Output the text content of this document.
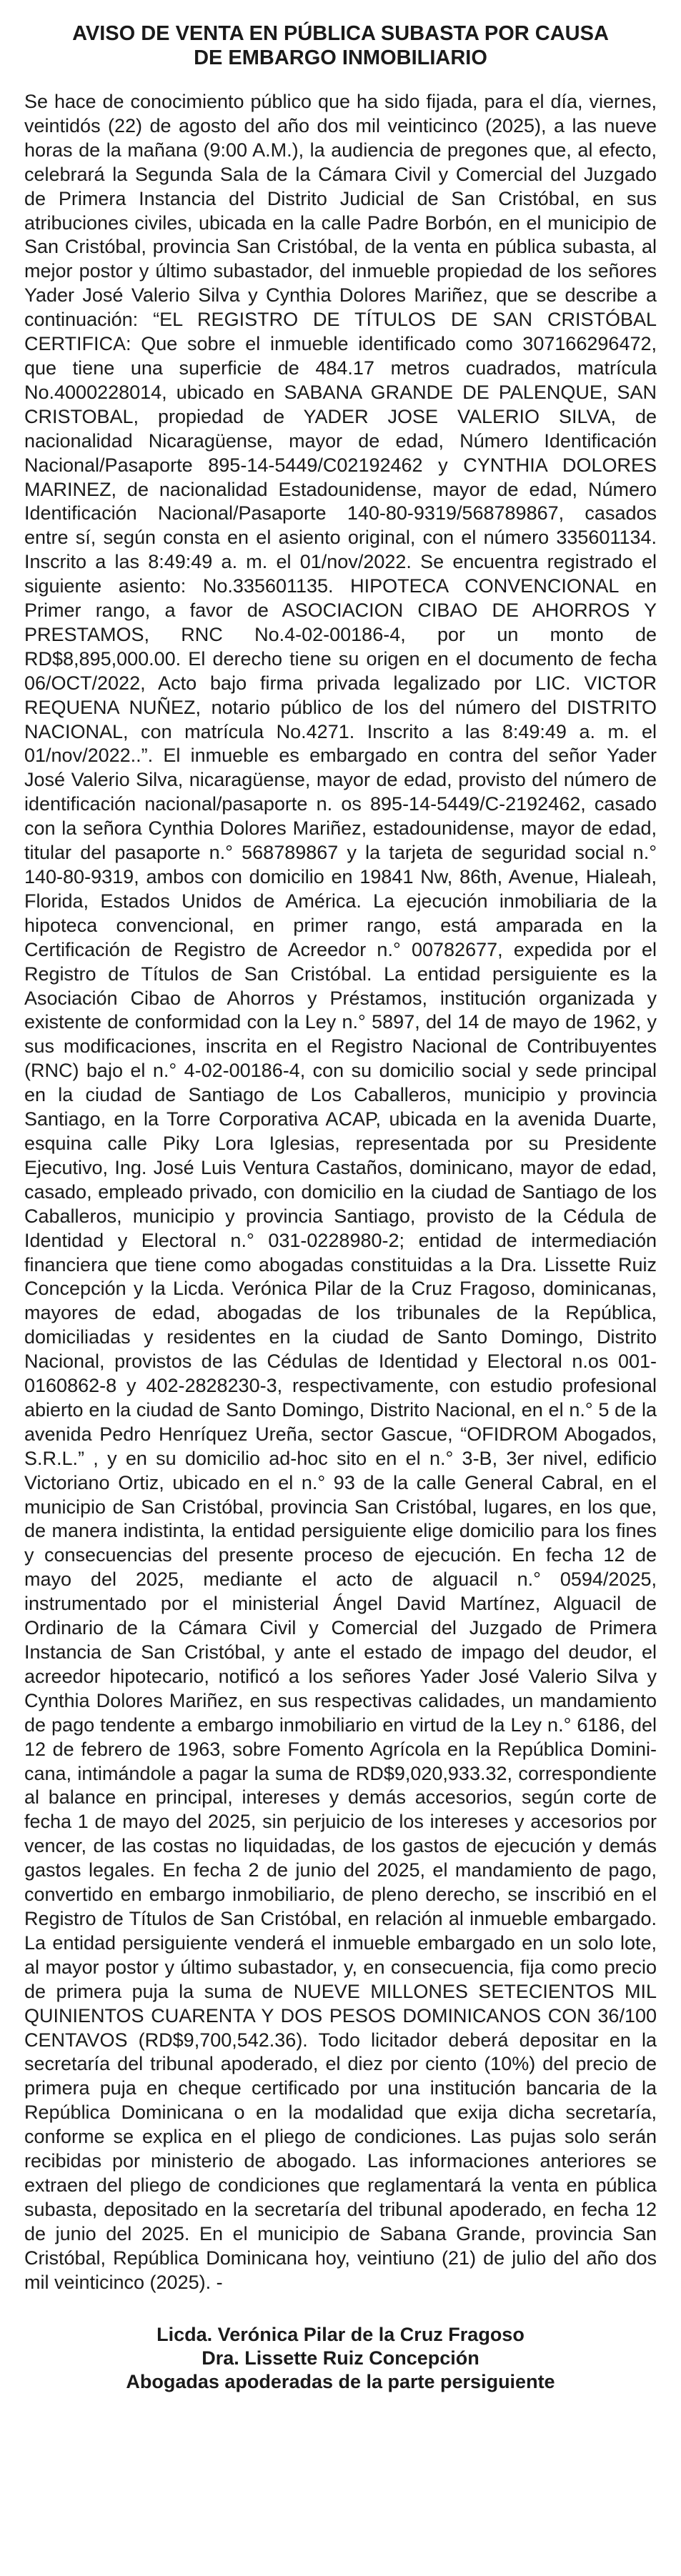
AVISO DE VENTA EN PÚBLICA SUBASTA POR CAUSA
DE EMBARGO INMOBILIARIO

Se hace de conocimiento público que ha sido fijada, para el día, viernes, veintidós (22) de agosto del año dos mil veinticinco (2025), a las nueve horas de la mañana (9:00 A.M.), la audiencia de pregones que, al efecto, celebrará la Segunda Sala de la Cámara Civil y Comercial del Juzgado de Primera Instancia del Distrito Judicial de San Cristóbal, en sus atribuciones civiles, ubicada en la calle Padre Borbón, en el municipio de San Cristóbal, provincia San Cristóbal, de la venta en pública subasta, al mejor postor y último subastador, del inmueble propiedad de los señores Yader José Valerio Silva y Cynthia Dolores Mariñez, que se describe a continuación: “EL REGISTRO DE TÍTULOS DE SAN CRISTÓBAL CERTIFICA: Que sobre el inmueble identificado como 307166296472, que tiene una superficie de 484.17 metros cuadrados, matrícula No.4000228014, ubicado en SABANA GRANDE DE PALENQUE, SAN CRISTOBAL, propiedad de YADER JOSE VALERIO SILVA, de nacionalidad Nicaragüense, mayor de edad, Número Identificación Nacional/Pasaporte 895-14-5449/C02192462 y CYNTHIA DOLORES MARINEZ, de nacionalidad Estadounidense, mayor de edad, Número Identificación Nacional/Pasaporte 140-80-9319/568789867, casados entre sí, según consta en el asiento original, con el número 335601134. Inscrito a las 8:49:49 a. m. el 01/nov/2022. Se encuentra registrado el siguiente asiento: No.335601135. HIPOTECA CONVENCIONAL en Primer rango, a favor de ASOCIACION CIBAO DE AHORROS Y PRESTAMOS, RNC No.4-02-00186-4, por un monto de RD$8,895,000.00. El derecho tiene su origen en el documento de fecha 06/OCT/2022, Acto bajo firma privada legalizado por LIC. VICTOR REQUENA NUÑEZ, notario público de los del número del DISTRITO NACIONAL, con matrícula No.4271. Inscrito a las 8:49:49 a. m. el 01/nov/2022..”. El inmueble es embargado en contra del señor Yader José Valerio Silva, nicaragüense, mayor de edad, provisto del número de identificación nacional/pasaporte n. os 895-14-5449/C-2192462, casado con la señora Cynthia Dolores Mariñez, estadounidense, mayor de edad, titular del pasaporte n.° 568789867 y la tarjeta de seguridad social n.° 140-80-9319, ambos con domicilio en 19841 Nw, 86th, Avenue, Hialeah, Florida, Estados Unidos de América. La ejecución inmobiliaria de la hipoteca convencional, en primer rango, está amparada en la Certificación de Registro de Acreedor n.° 00782677, expedida por el Registro de Títulos de San Cristóbal. La entidad persiguiente es la Asociación Cibao de Ahorros y Préstamos, institución organizada y existente de conformidad con la Ley n.° 5897, del 14 de mayo de 1962, y sus modificaciones, inscrita en el Registro Nacional de Contribuyentes (RNC) bajo el n.° 4-02-00186-4, con su domicilio social y sede principal en la ciudad de Santiago de Los Caballeros, municipio y provincia Santiago, en la Torre Corporativa ACAP, ubicada en la avenida Duarte, esquina calle Piky Lora Iglesias, representada por su Presidente Ejecutivo, Ing. José Luis Ventura Castaños, dominicano, mayor de edad, casado, empleado privado, con domicilio en la ciudad de Santiago de los Caballeros, municipio y provincia Santiago, provisto de la Cédula de Identidad y Electoral n.° 031-0228980-2; entidad de intermediación financiera que tiene como abogadas constituidas a la Dra. Lissette Ruiz Concepción y la Licda. Verónica Pilar de la Cruz Fragoso, dominicanas, mayores de edad, abogadas de los tribunales de la República, domiciliadas y residentes en la ciudad de Santo Domingo, Distrito Nacional, provistos de las Cédulas de Identidad y Electoral n.os 001-0160862-8 y 402-2828230-3, respectivamente, con estudio profesional abierto en la ciudad de Santo Domingo, Distrito Nacional, en el n.° 5 de la avenida Pedro Henríquez Ureña, sector Gascue, “OFIDROM Abogados, S.R.L.” , y en su domicilio ad-hoc sito en el n.° 3-B, 3er nivel, edificio Victoriano Ortiz, ubicado en el n.° 93 de la calle General Cabral, en el municipio de San Cristóbal, provincia San Cristóbal, lugares, en los que, de manera indistinta, la entidad persiguiente elige domicilio para los fines y consecuencias del presente proceso de ejecución. En fecha 12 de mayo del 2025, mediante el acto de alguacil n.° 0594/2025, instrumentado por el ministerial Ángel David Martínez, Alguacil de Ordinario de la Cámara Civil y Comercial del Juzgado de Primera Instancia de San Cristóbal, y ante el estado de impago del deudor, el acreedor hipotecario, notificó a los señores Yader José Valerio Silva y Cynthia Dolores Mariñez, en sus respectivas calidades, un mandamiento de pago tendente a embargo inmobiliario en virtud de la Ley n.° 6186, del 12 de febrero de 1963, sobre Fomento Agrícola en la República Dominicana, intimándole a pagar la suma de RD$9,020,933.32, correspondiente al balance en principal, intereses y demás accesorios, según corte de fecha 1 de mayo del 2025, sin perjuicio de los intereses y accesorios por vencer, de las costas no liquidadas, de los gastos de ejecución y demás gastos legales. En fecha 2 de junio del 2025, el mandamiento de pago, convertido en embargo inmobiliario, de pleno derecho, se inscribió en el Registro de Títulos de San Cristóbal, en relación al inmueble embargado. La entidad persiguiente venderá el inmueble embargado en un solo lote, al mayor postor y último subastador, y, en consecuencia, fija como precio de primera puja la suma de NUEVE MILLONES SETECIENTOS MIL QUINIENTOS CUARENTA Y DOS PESOS DOMINICANOS CON 36/100 CENTAVOS (RD$9,700,542.36). Todo licitador deberá depositar en la secretaría del tribunal apoderado, el diez por ciento (10%) del precio de primera puja en cheque certificado por una institución bancaria de la República Dominicana o en la modalidad que exija dicha secretaría, conforme se explica en el pliego de condiciones. Las pujas solo serán recibidas por ministerio de abogado. Las informaciones anteriores se extraen del pliego de condiciones que reglamentará la venta en pública subasta, depositado en la secretaría del tribunal apoderado, en fecha 12 de junio del 2025. En el municipio de Sabana Grande, provincia San Cristóbal, República Dominicana hoy, veintiuno (21) de julio del año dos mil veinticinco (2025). -

Licda. Verónica Pilar de la Cruz Fragoso
Dra. Lissette Ruiz Concepción
Abogadas apoderadas de la parte persiguiente
